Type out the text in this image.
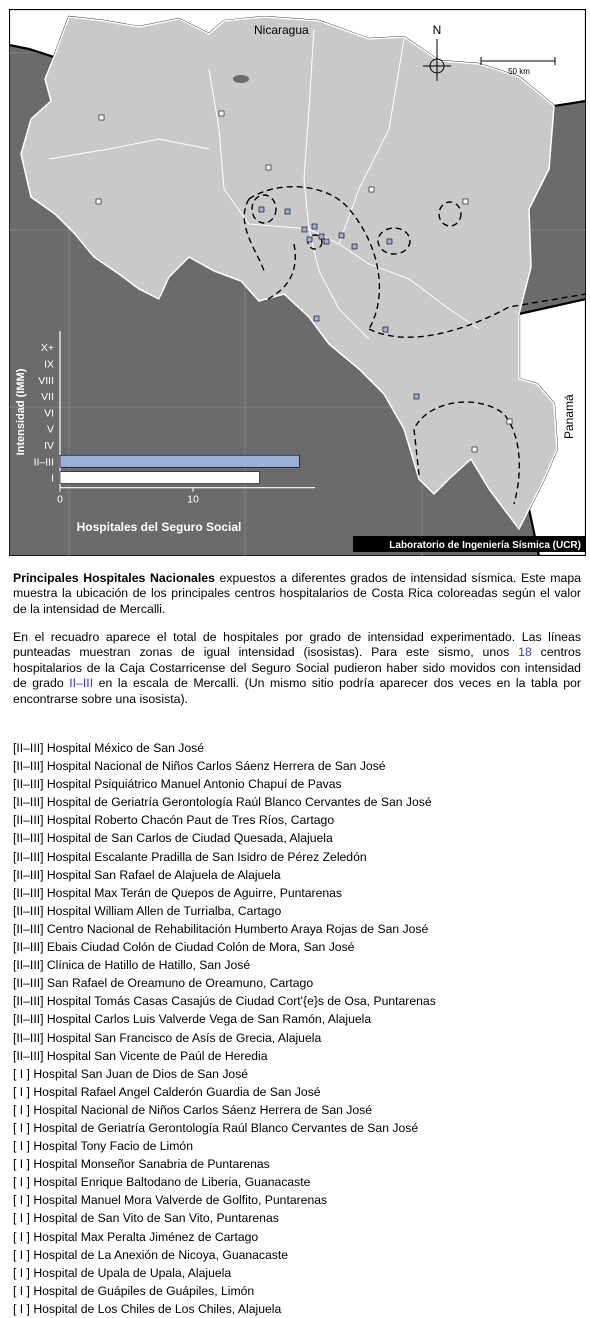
Nicaragua
Panamá
N
50 km
Intensidad (IMM)
Hospitales del Seguro Social
X+
IX
VIII
VII
VI
V
IV
II–III
I
0	10
Laboratorio de Ingeniería Sísmica (UCR)

Principales Hospitales Nacionales expuestos a diferentes grados de intensidad sísmica. Este mapa muestra la ubicación de los principales centros hospitalarios de Costa Rica coloreadas según el valor de la intensidad de Mercalli.

En el recuadro aparece el total de hospitales por grado de intensidad experimentado. Las líneas punteadas muestran zonas de igual intensidad (isosistas). Para este sismo, unos 18 centros hospitalarios de la Caja Costarricense del Seguro Social pudieron haber sido movidos con intensidad de grado II–III en la escala de Mercalli. (Un mismo sitio podría aparecer dos veces en la tabla por encontrarse sobre una isosista).

[II–III] Hospital México de San José
[II–III] Hospital Nacional de Niños Carlos Sáenz Herrera de San José
[II–III] Hospital Psiquiátrico Manuel Antonio Chapuí de Pavas
[II–III] Hospital de Geriatría Gerontología Raúl Blanco Cervantes de San José
[II–III] Hospital Roberto Chacón Paut de Tres Ríos, Cartago
[II–III] Hospital de San Carlos de Ciudad Quesada, Alajuela
[II–III] Hospital Escalante Pradilla de San Isidro de Pérez Zeledón
[II–III] Hospital San Rafael de Alajuela de Alajuela
[II–III] Hospital Max Terán de Quepos de Aguirre, Puntarenas
[II–III] Hospital William Allen de Turrialba, Cartago
[II–III] Centro Nacional de Rehabilitación Humberto Araya Rojas de San José
[II–III] Ebais Ciudad Colón de Ciudad Colón de Mora, San José
[II–III] Clínica de Hatillo de Hatillo, San José
[II–III] San Rafael de Oreamuno de Oreamuno, Cartago
[II–III] Hospital Tomás Casas Casajús de Ciudad Cort'{e}s de Osa, Puntarenas
[II–III] Hospital Carlos Luis Valverde Vega de San Ramón, Alajuela
[II–III] Hospital San Francisco de Asís de Grecia, Alajuela
[II–III] Hospital San Vicente de Paúl de Heredia
[ I ] Hospital San Juan de Dios de San José
[ I ] Hospital Rafael Angel Calderón Guardia de San José
[ I ] Hospital Nacional de Niños Carlos Sáenz Herrera de San José
[ I ] Hospital de Geriatría Gerontología Raúl Blanco Cervantes de San José
[ I ] Hospital Tony Facio de Limón
[ I ] Hospital Monseñor Sanabria de Puntarenas
[ I ] Hospital Enrique Baltodano de Liberia, Guanacaste
[ I ] Hospital Manuel Mora Valverde de Golfito, Puntarenas
[ I ] Hospital de San Vito de San Vito, Puntarenas
[ I ] Hospital Max Peralta Jiménez de Cartago
[ I ] Hospital de La Anexión de Nicoya, Guanacaste
[ I ] Hospital de Upala de Upala, Alajuela
[ I ] Hospital de Guápiles de Guápiles, Limón
[ I ] Hospital de Los Chiles de Los Chiles, Alajuela
